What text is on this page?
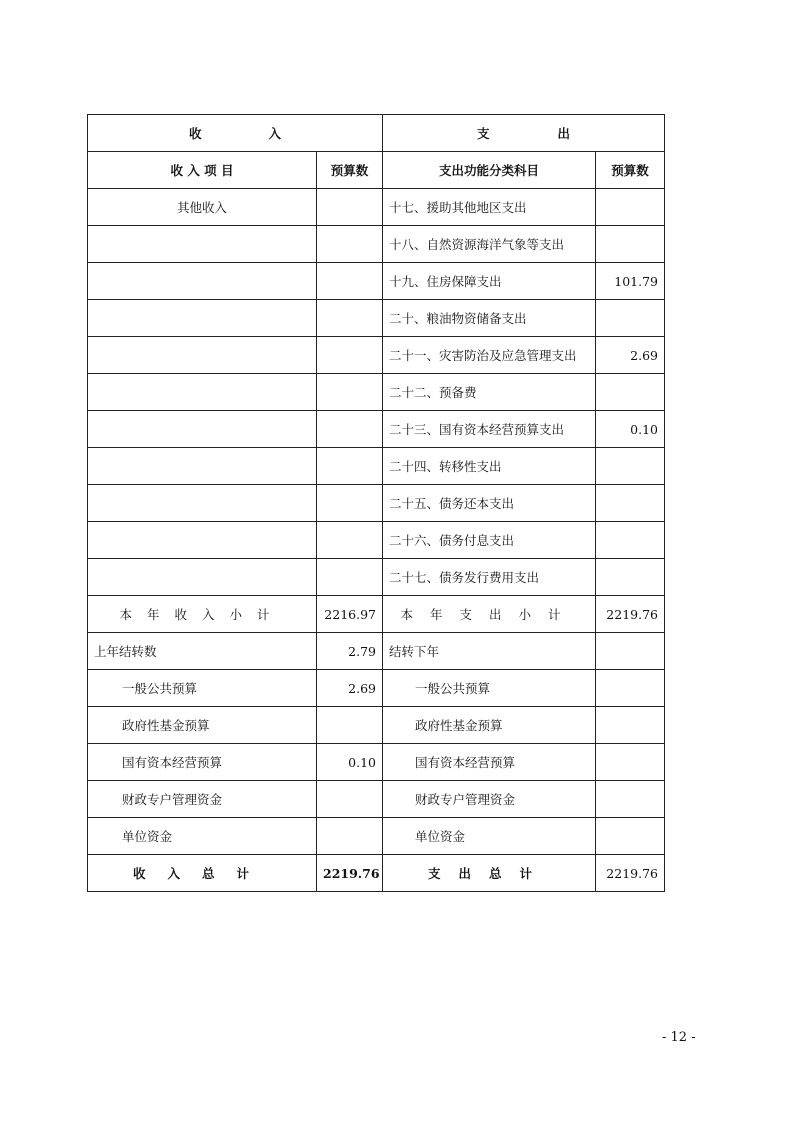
收 入		支 出	

收 入 项 目	预算数	支出功能分类科目	预算数
其他收入		十七、援助其他地区支出	
		十八、自然资源海洋气象等支出	
		十九、住房保障支出	101.79
		二十、粮油物资储备支出	
		二十一、灾害防治及应急管理支出	2.69
		二十二、预备费	
		二十三、国有资本经营预算支出	0.10
		二十四、转移性支出	
		二十五、债务还本支出	
		二十六、债务付息支出	
		二十七、债务发行费用支出	
本年收入小计	2216.97	本年支出小计	2219.76
上年结转数	2.79	结转下年	
一般公共预算	2.69	一般公共预算	
政府性基金预算		政府性基金预算	
国有资本经营预算	0.10	国有资本经营预算	
财政专户管理资金		财政专户管理资金	
单位资金		单位资金	
收入总计	2219.76	支出总计	2219.76
- 12 -
